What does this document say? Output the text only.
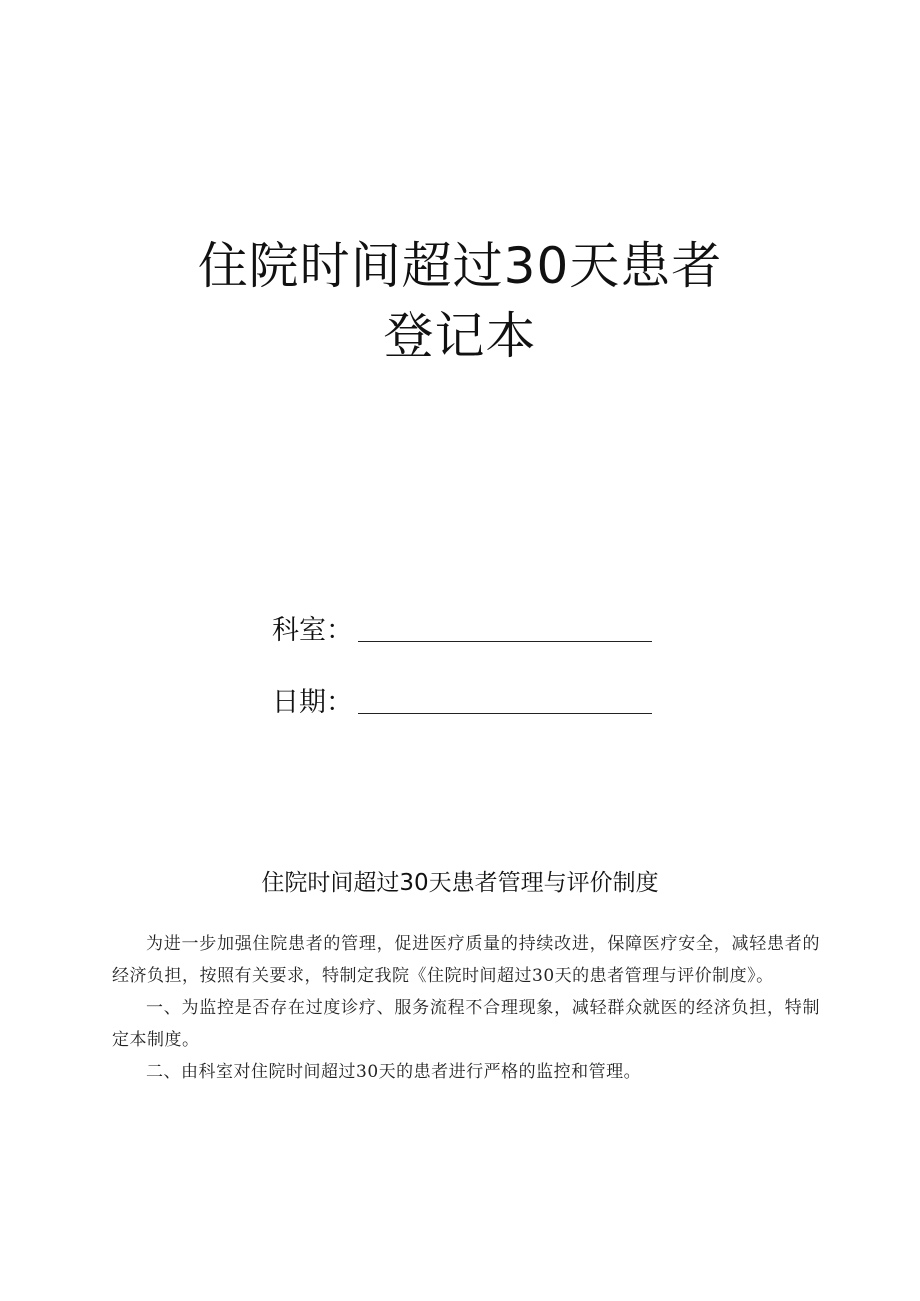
住院时间超过30天患者
登记本
科室：
日期：
住院时间超过30天患者管理与评价制度

为进一步加强住院患者的管理，促进医疗质量的持续改进，保障医疗安全，减轻患者的经济负担，按照有关要求，特制定我院《住院时间超过30天的患者管理与评价制度》。

一、为监控是否存在过度诊疗、服务流程不合理现象，减轻群众就医的经济负担，特制定本制度。

二、由科室对住院时间超过30天的患者进行严格的监控和管理。
